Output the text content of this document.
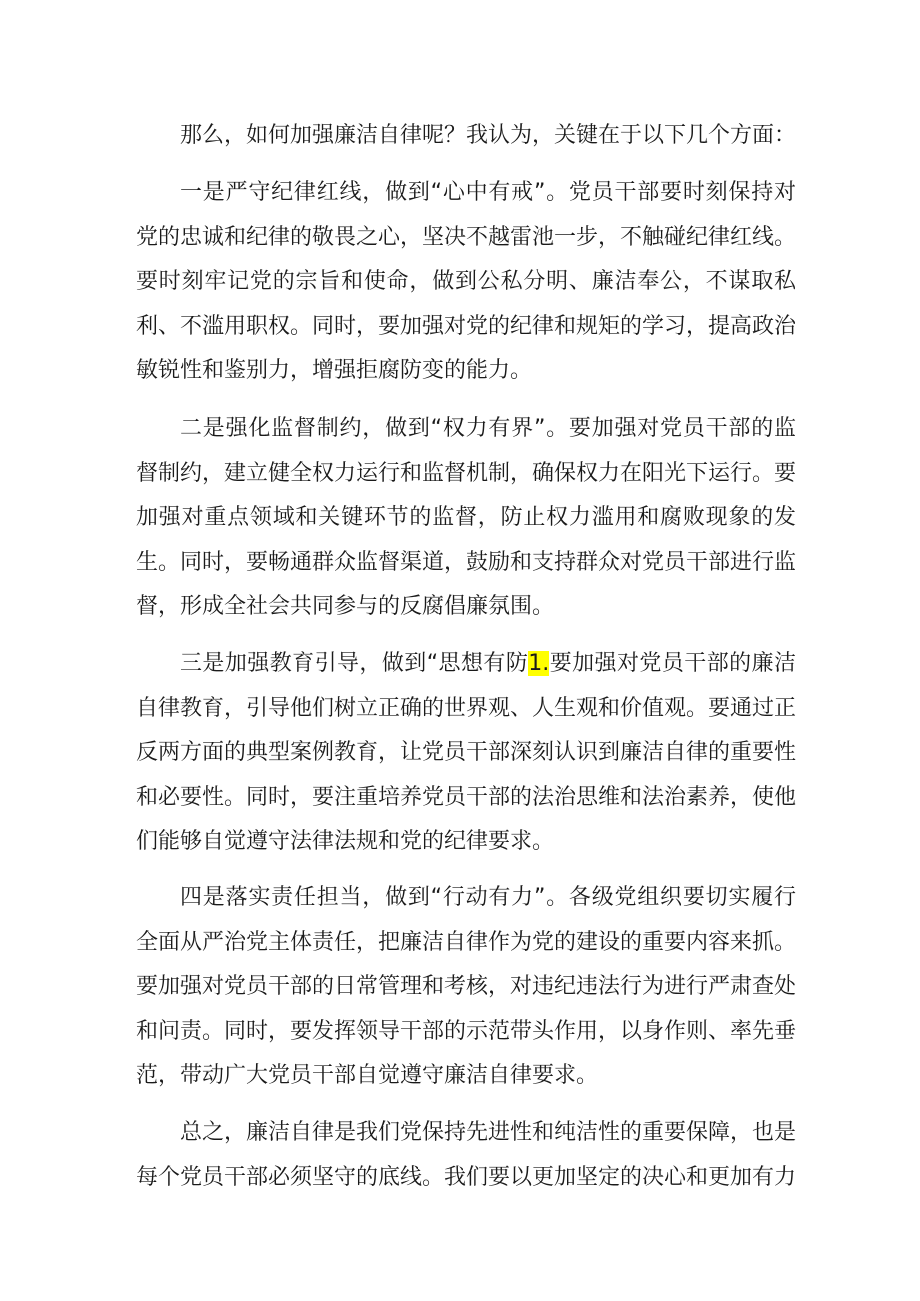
那么，如何加强廉洁自律呢？我认为，关键在于以下几个方面：

一是严守纪律红线，做到“心中有戒”。党员干部要时刻保持对党的忠诚和纪律的敬畏之心，坚决不越雷池一步，不触碰纪律红线。要时刻牢记党的宗旨和使命，做到公私分明、廉洁奉公，不谋取私利、不滥用职权。同时，要加强对党的纪律和规矩的学习，提高政治敏锐性和鉴别力，增强拒腐防变的能力。

二是强化监督制约，做到“权力有界”。要加强对党员干部的监督制约，建立健全权力运行和监督机制，确保权力在阳光下运行。要加强对重点领域和关键环节的监督，防止权力滥用和腐败现象的发生。同时，要畅通群众监督渠道，鼓励和支持群众对党员干部进行监督，形成全社会共同参与的反腐倡廉氛围。

三是加强教育引导，做到“思想有防1.要加强对党员干部的廉洁自律教育，引导他们树立正确的世界观、人生观和价值观。要通过正反两方面的典型案例教育，让党员干部深刻认识到廉洁自律的重要性和必要性。同时，要注重培养党员干部的法治思维和法治素养，使他们能够自觉遵守法律法规和党的纪律要求。

四是落实责任担当，做到“行动有力”。各级党组织要切实履行全面从严治党主体责任，把廉洁自律作为党的建设的重要内容来抓。要加强对党员干部的日常管理和考核，对违纪违法行为进行严肃查处和问责。同时，要发挥领导干部的示范带头作用，以身作则、率先垂范，带动广大党员干部自觉遵守廉洁自律要求。

总之，廉洁自律是我们党保持先进性和纯洁性的重要保障，也是每个党员干部必须坚守的底线。我们要以更加坚定的决心和更加有力
